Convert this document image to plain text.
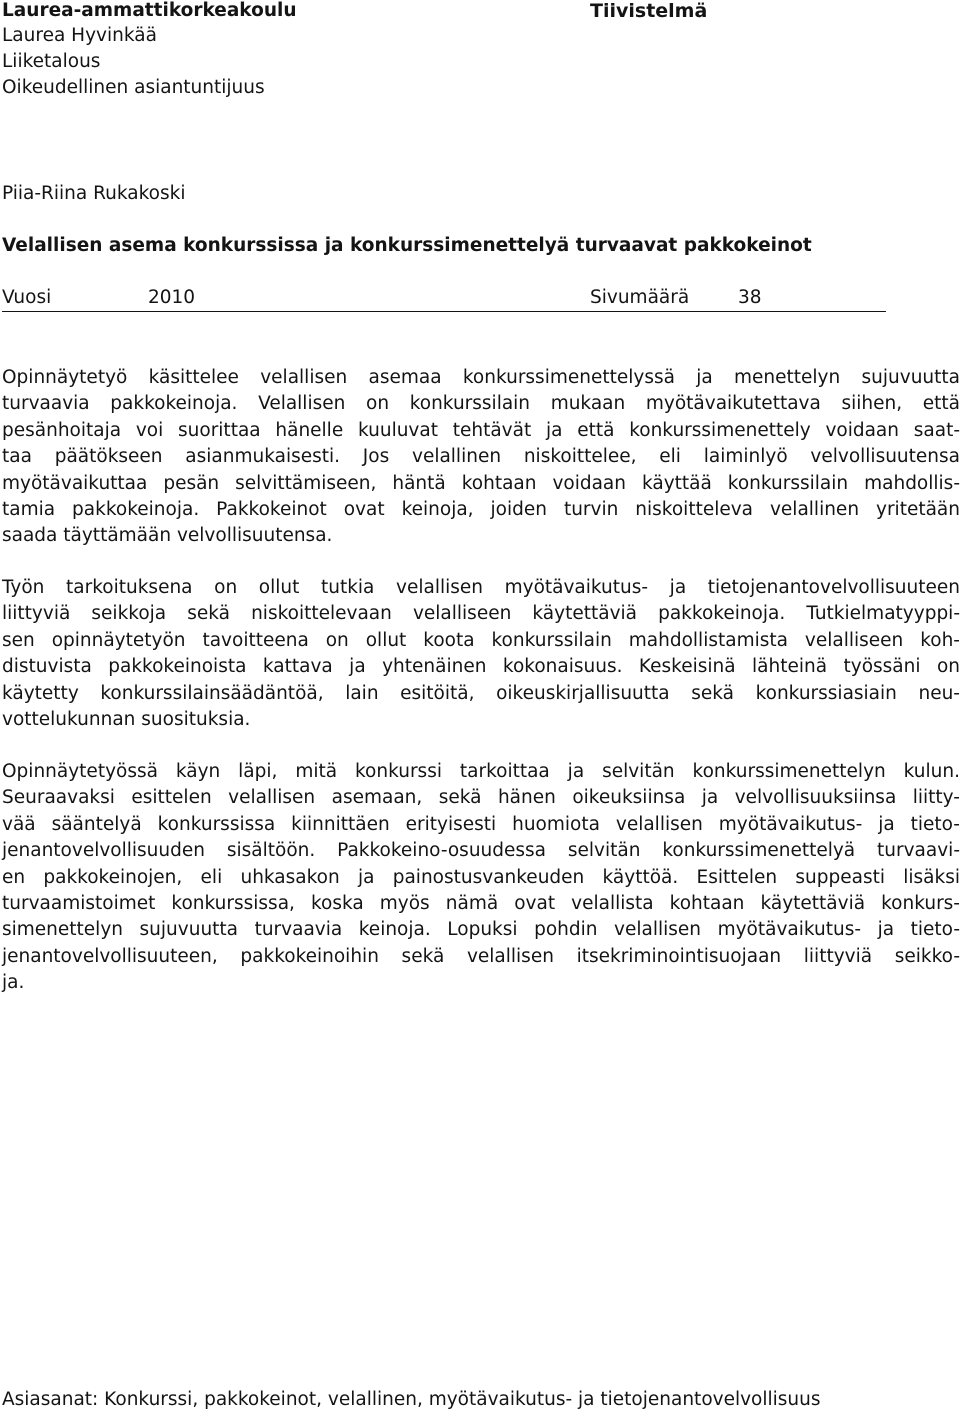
Laurea-ammattikorkeakoulu
Laurea Hyvinkää
Liiketalous
Oikeudellinen asiantuntijuus
Tiivistelmä
Piia-Riina Rukakoski
Velallisen asema konkurssissa ja konkurssimenettelyä turvaavat pakkokeinot
Vuosi	2010	Sivumäärä	38
Opinnäytetyö käsittelee velallisen asemaa konkurssimenettelyssä ja menettelyn sujuvuutta
turvaavia pakkokeinoja. Velallisen on konkurssilain mukaan myötävaikutettava siihen, että
pesänhoitaja voi suorittaa hänelle kuuluvat tehtävät ja että konkurssimenettely voidaan saat-
taa päätökseen asianmukaisesti. Jos velallinen niskoittelee, eli laiminlyö velvollisuutensa
myötävaikuttaa pesän selvittämiseen, häntä kohtaan voidaan käyttää konkurssilain mahdollis-
tamia pakkokeinoja. Pakkokeinot ovat keinoja, joiden turvin niskoitteleva velallinen yritetään
saada täyttämään velvollisuutensa.
Työn tarkoituksena on ollut tutkia velallisen myötävaikutus- ja tietojenantovelvollisuuteen
liittyviä seikkoja sekä niskoittelevaan velalliseen käytettäviä pakkokeinoja. Tutkielmatyyppi-
sen opinnäytetyön tavoitteena on ollut koota konkurssilain mahdollistamista velalliseen koh-
distuvista pakkokeinoista kattava ja yhtenäinen kokonaisuus. Keskeisinä lähteinä työssäni on
käytetty konkurssilainsäädäntöä, lain esitöitä, oikeuskirjallisuutta sekä konkurssiasiain neu-
vottelukunnan suosituksia.
Opinnäytetyössä käyn läpi, mitä konkurssi tarkoittaa ja selvitän konkurssimenettelyn kulun.
Seuraavaksi esittelen velallisen asemaan, sekä hänen oikeuksiinsa ja velvollisuuksiinsa liitty-
vää sääntelyä konkurssissa kiinnittäen erityisesti huomiota velallisen myötävaikutus- ja tieto-
jenantovelvollisuuden sisältöön. Pakkokeino-osuudessa selvitän konkurssimenettelyä turvaavi-
en pakkokeinojen, eli uhkasakon ja painostusvankeuden käyttöä. Esittelen suppeasti lisäksi
turvaamistoimet konkurssissa, koska myös nämä ovat velallista kohtaan käytettäviä konkurs-
simenettelyn sujuvuutta turvaavia keinoja. Lopuksi pohdin velallisen myötävaikutus- ja tieto-
jenantovelvollisuuteen, pakkokeinoihin sekä velallisen itsekriminointisuojaan liittyviä seikko-
ja.
Asiasanat: Konkurssi, pakkokeinot, velallinen, myötävaikutus- ja tietojenantovelvollisuus
